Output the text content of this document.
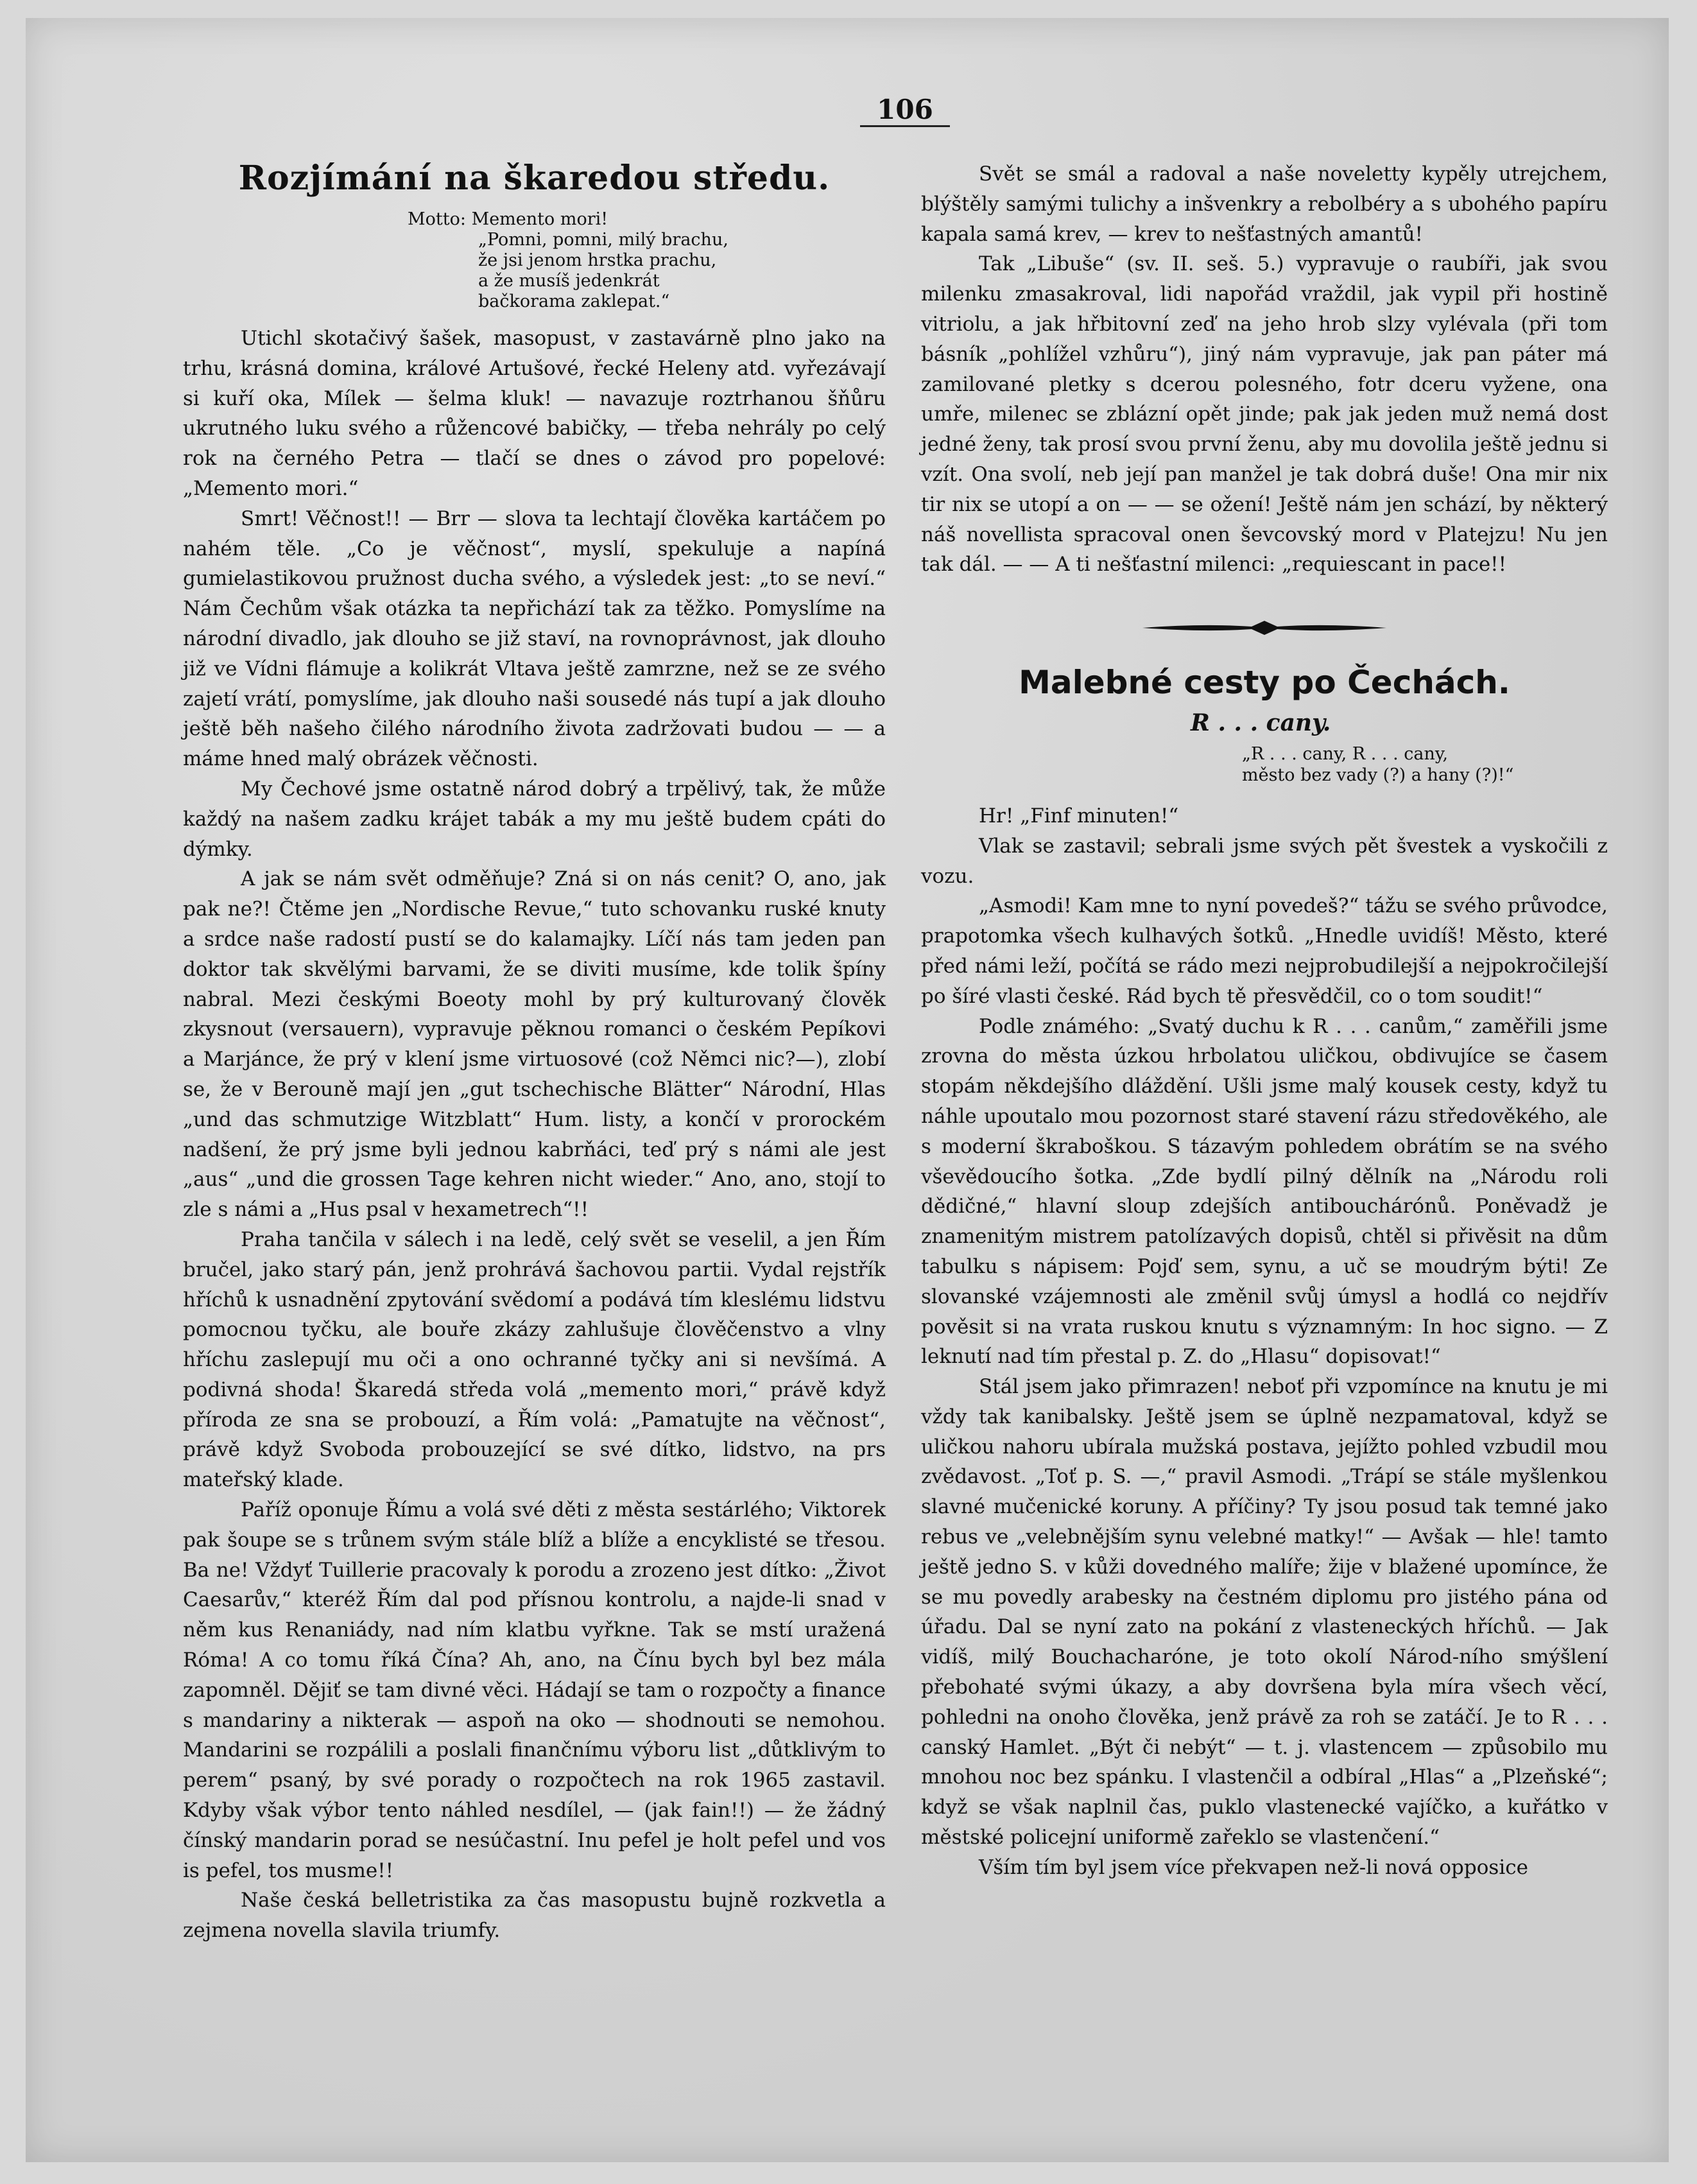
106
Rozjímání na škaredou středu.
Motto: Memento mori!
„Pomni, pomni, milý brachu,
že jsi jenom hrstka prachu,
a že musíš jedenkrát
bačkorama zaklepat.“

Utichl skotačivý šašek, masopust, v zastavárně plno jako na trhu, krásná domina, králové Artušové, řecké Heleny atd. vyřezávají si kuří oka, Mílek — šelma kluk! — navazuje roztrhanou šňůru ukrutného luku svého a růžencové babičky, — třeba nehrály po celý rok na černého Petra — tlačí se dnes o závod pro popelové: „Memento mori.“

Smrt! Věčnost!! — Brr — slova ta lechtají člověka kartáčem po nahém těle. „Co je věčnost“, myslí, spekuluje a napíná gumielastikovou pružnost ducha svého, a výsledek jest: „to se neví.“ Nám Čechům však otázka ta nepřichází tak za těžko. Pomyslíme na národní divadlo, jak dlouho se již staví, na rovnoprávnost, jak dlouho již ve Vídni flámuje a kolikrát Vltava ještě zamrzne, než se ze svého zajetí vrátí, pomyslíme, jak dlouho naši sousedé nás tupí a jak dlouho ještě běh našeho čilého národního života zadržovati budou — — a máme hned malý obrázek věčnosti.

My Čechové jsme ostatně národ dobrý a trpělivý, tak, že může každý na našem zadku krájet tabák a my mu ještě budem cpáti do dýmky.

A jak se nám svět odměňuje? Zná si on nás cenit? O, ano, jak pak ne?! Čtěme jen „Nordische Revue,“ tuto schovanku ruské knuty a srdce naše radostí pustí se do kalamajky. Líčí nás tam jeden pan doktor tak skvělými barvami, že se diviti musíme, kde tolik špíny nabral. Mezi českými Boeoty mohl by prý kulturovaný člověk zkysnout (versauern), vypravuje pěknou romanci o českém Pepíkovi a Marjánce, že prý v klení jsme virtuosové (což Němci nic?—), zlobí se, že v Berouně mají jen „gut tschechische Blätter“ Národní, Hlas „und das schmutzige Witzblatt“ Hum. listy, a končí v prorockém nadšení, že prý jsme byli jednou kabrňáci, teď prý s námi ale jest „aus“ „und die grossen Tage kehren nicht wieder.“ Ano, ano, stojí to zle s námi a „Hus psal v hexametrech“!!

Praha tančila v sálech i na ledě, celý svět se veselil, a jen Řím bručel, jako starý pán, jenž prohrává šachovou partii. Vydal rejstřík hříchů k usnadnění zpytování svědomí a podává tím kleslému lidstvu pomocnou tyčku, ale bouře zkázy zahlušuje člověčenstvo a vlny hříchu zaslepují mu oči a ono ochranné tyčky ani si nevšímá. A podivná shoda! Škaredá středa volá „memento mori,“ právě když příroda ze sna se probouzí, a Řím volá: „Pamatujte na věčnost“, právě když Svoboda probouzející se své dítko, lidstvo, na prs mateřský klade.

Paříž oponuje Římu a volá své děti z města sestárlého; Viktorek pak šoupe se s trůnem svým stále blíž a blíže a encyklisté se třesou. Ba ne! Vždyť Tuillerie pracovaly k porodu a zrozeno jest dítko: „Život Caesarův,“ kteréž Řím dal pod přísnou kontrolu, a najde-li snad v něm kus Renaniády, nad ním klatbu vyřkne. Tak se mstí uražená Róma! A co tomu říká Čína? Ah, ano, na Čínu bych byl bez mála zapomněl. Dějiť se tam divné věci. Hádají se tam o rozpočty a finance s mandariny a nikterak — aspoň na oko — shodnouti se nemohou. Mandarini se rozpálili a poslali finančnímu výboru list „důtklivým to perem“ psaný, by své porady o rozpočtech na rok 1965 zastavil. Kdyby však výbor tento náhled nesdílel, — (jak fain!!) — že žádný čínský mandarin porad se nesúčastní. Inu pefel je holt pefel und vos is pefel, tos musme!!

Naše česká belletristika za čas masopustu bujně rozkvetla a zejmena novella slavila triumfy.

Svět se smál a radoval a naše noveletty kypěly utrejchem, blýštěly samými tulichy a inšvenkry a rebolbéry a s ubohého papíru kapala samá krev, — krev to nešťastných amantů!

Tak „Libuše“ (sv. II. seš. 5.) vypravuje o raubíři, jak svou milenku zmasakroval, lidi napořád vraždil, jak vypil při hostině vitriolu, a jak hřbitovní zeď na jeho hrob slzy vylévala (při tom básník „pohlížel vzhůru“), jiný nám vypravuje, jak pan páter má zamilované pletky s dcerou polesného, fotr dceru vyžene, ona umře, milenec se zblázní opět jinde; pak jak jeden muž nemá dost jedné ženy, tak prosí svou první ženu, aby mu dovolila ještě jednu si vzít. Ona svolí, neb její pan manžel je tak dobrá duše! Ona mir nix tir nix se utopí a on — — se ožení! Ještě nám jen schází, by některý náš novellista spracoval onen ševcovský mord v Platejzu! Nu jen tak dál. — — A ti nešťastní milenci: „requiescant in pace!!

Malebné cesty po Čechách.
R . . . cany.
„R . . . cany, R . . . cany,
město bez vady (?) a hany (?)!“

Hr! „Finf minuten!“

Vlak se zastavil; sebrali jsme svých pět švestek a vyskočili z vozu.

„Asmodi! Kam mne to nyní povedeš?“ tážu se svého průvodce, prapotomka všech kulhavých šotků. „Hnedle uvidíš! Město, které před námi leží, počítá se rádo mezi nejprobudilejší a nejpokročilejší po šíré vlasti české. Rád bych tě přesvědčil, co o tom soudit!“

Podle známého: „Svatý duchu k R . . . canům,“ zaměřili jsme zrovna do města úzkou hrbolatou uličkou, obdivujíce se časem stopám někdejšího dláždění. Ušli jsme malý kousek cesty, když tu náhle upoutalo mou pozornost staré stavení rázu středověkého, ale s moderní škraboškou. S tázavým pohledem obrátím se na svého vševědoucího šotka. „Zde bydlí pilný dělník na „Národu roli dědičné,“ hlavní sloup zdejších antibouchárónů. Poněvadž je znamenitým mistrem patolízavých dopisů, chtěl si přivěsit na dům tabulku s nápisem: Pojď sem, synu, a uč se moudrým býti! Ze slovanské vzájemnosti ale změnil svůj úmysl a hodlá co nejdřív pověsit si na vrata ruskou knutu s významným: In hoc signo. — Z leknutí nad tím přestal p. Z. do „Hlasu“ dopisovat!“

Stál jsem jako přimrazen! neboť při vzpomínce na knutu je mi vždy tak kanibalsky. Ještě jsem se úplně nezpamatoval, když se uličkou nahoru ubírala mužská postava, jejížto pohled vzbudil mou zvědavost. „Toť p. S. —,“ pravil Asmodi. „Trápí se stále myšlenkou slavné mučenické koruny. A příčiny? Ty jsou posud tak temné jako rebus ve „velebnějším synu velebné matky!“ — Avšak — hle! tamto ještě jedno S. v kůži dovedného malíře; žije v blažené upomínce, že se mu povedly arabesky na čestném diplomu pro jistého pána od úřadu. Dal se nyní zato na pokání z vlasteneckých hříchů. — Jak vidíš, milý Bouchacharóne, je toto okolí Národ-ního smýšlení přebohaté svými úkazy, a aby dovršena byla míra všech věcí, pohledni na onoho člověka, jenž právě za roh se zatáčí. Je to R . . . canský Hamlet. „Být či nebýt“ — t. j. vlastencem — způsobilo mu mnohou noc bez spánku. I vlastenčil a odbíral „Hlas“ a „Plzeňské“; když se však naplnil čas, puklo vlastenecké vajíčko, a kuřátko v městské policejní uniformě zařeklo se vlastenčení.“

Vším tím byl jsem více překvapen než-li nová opposice
